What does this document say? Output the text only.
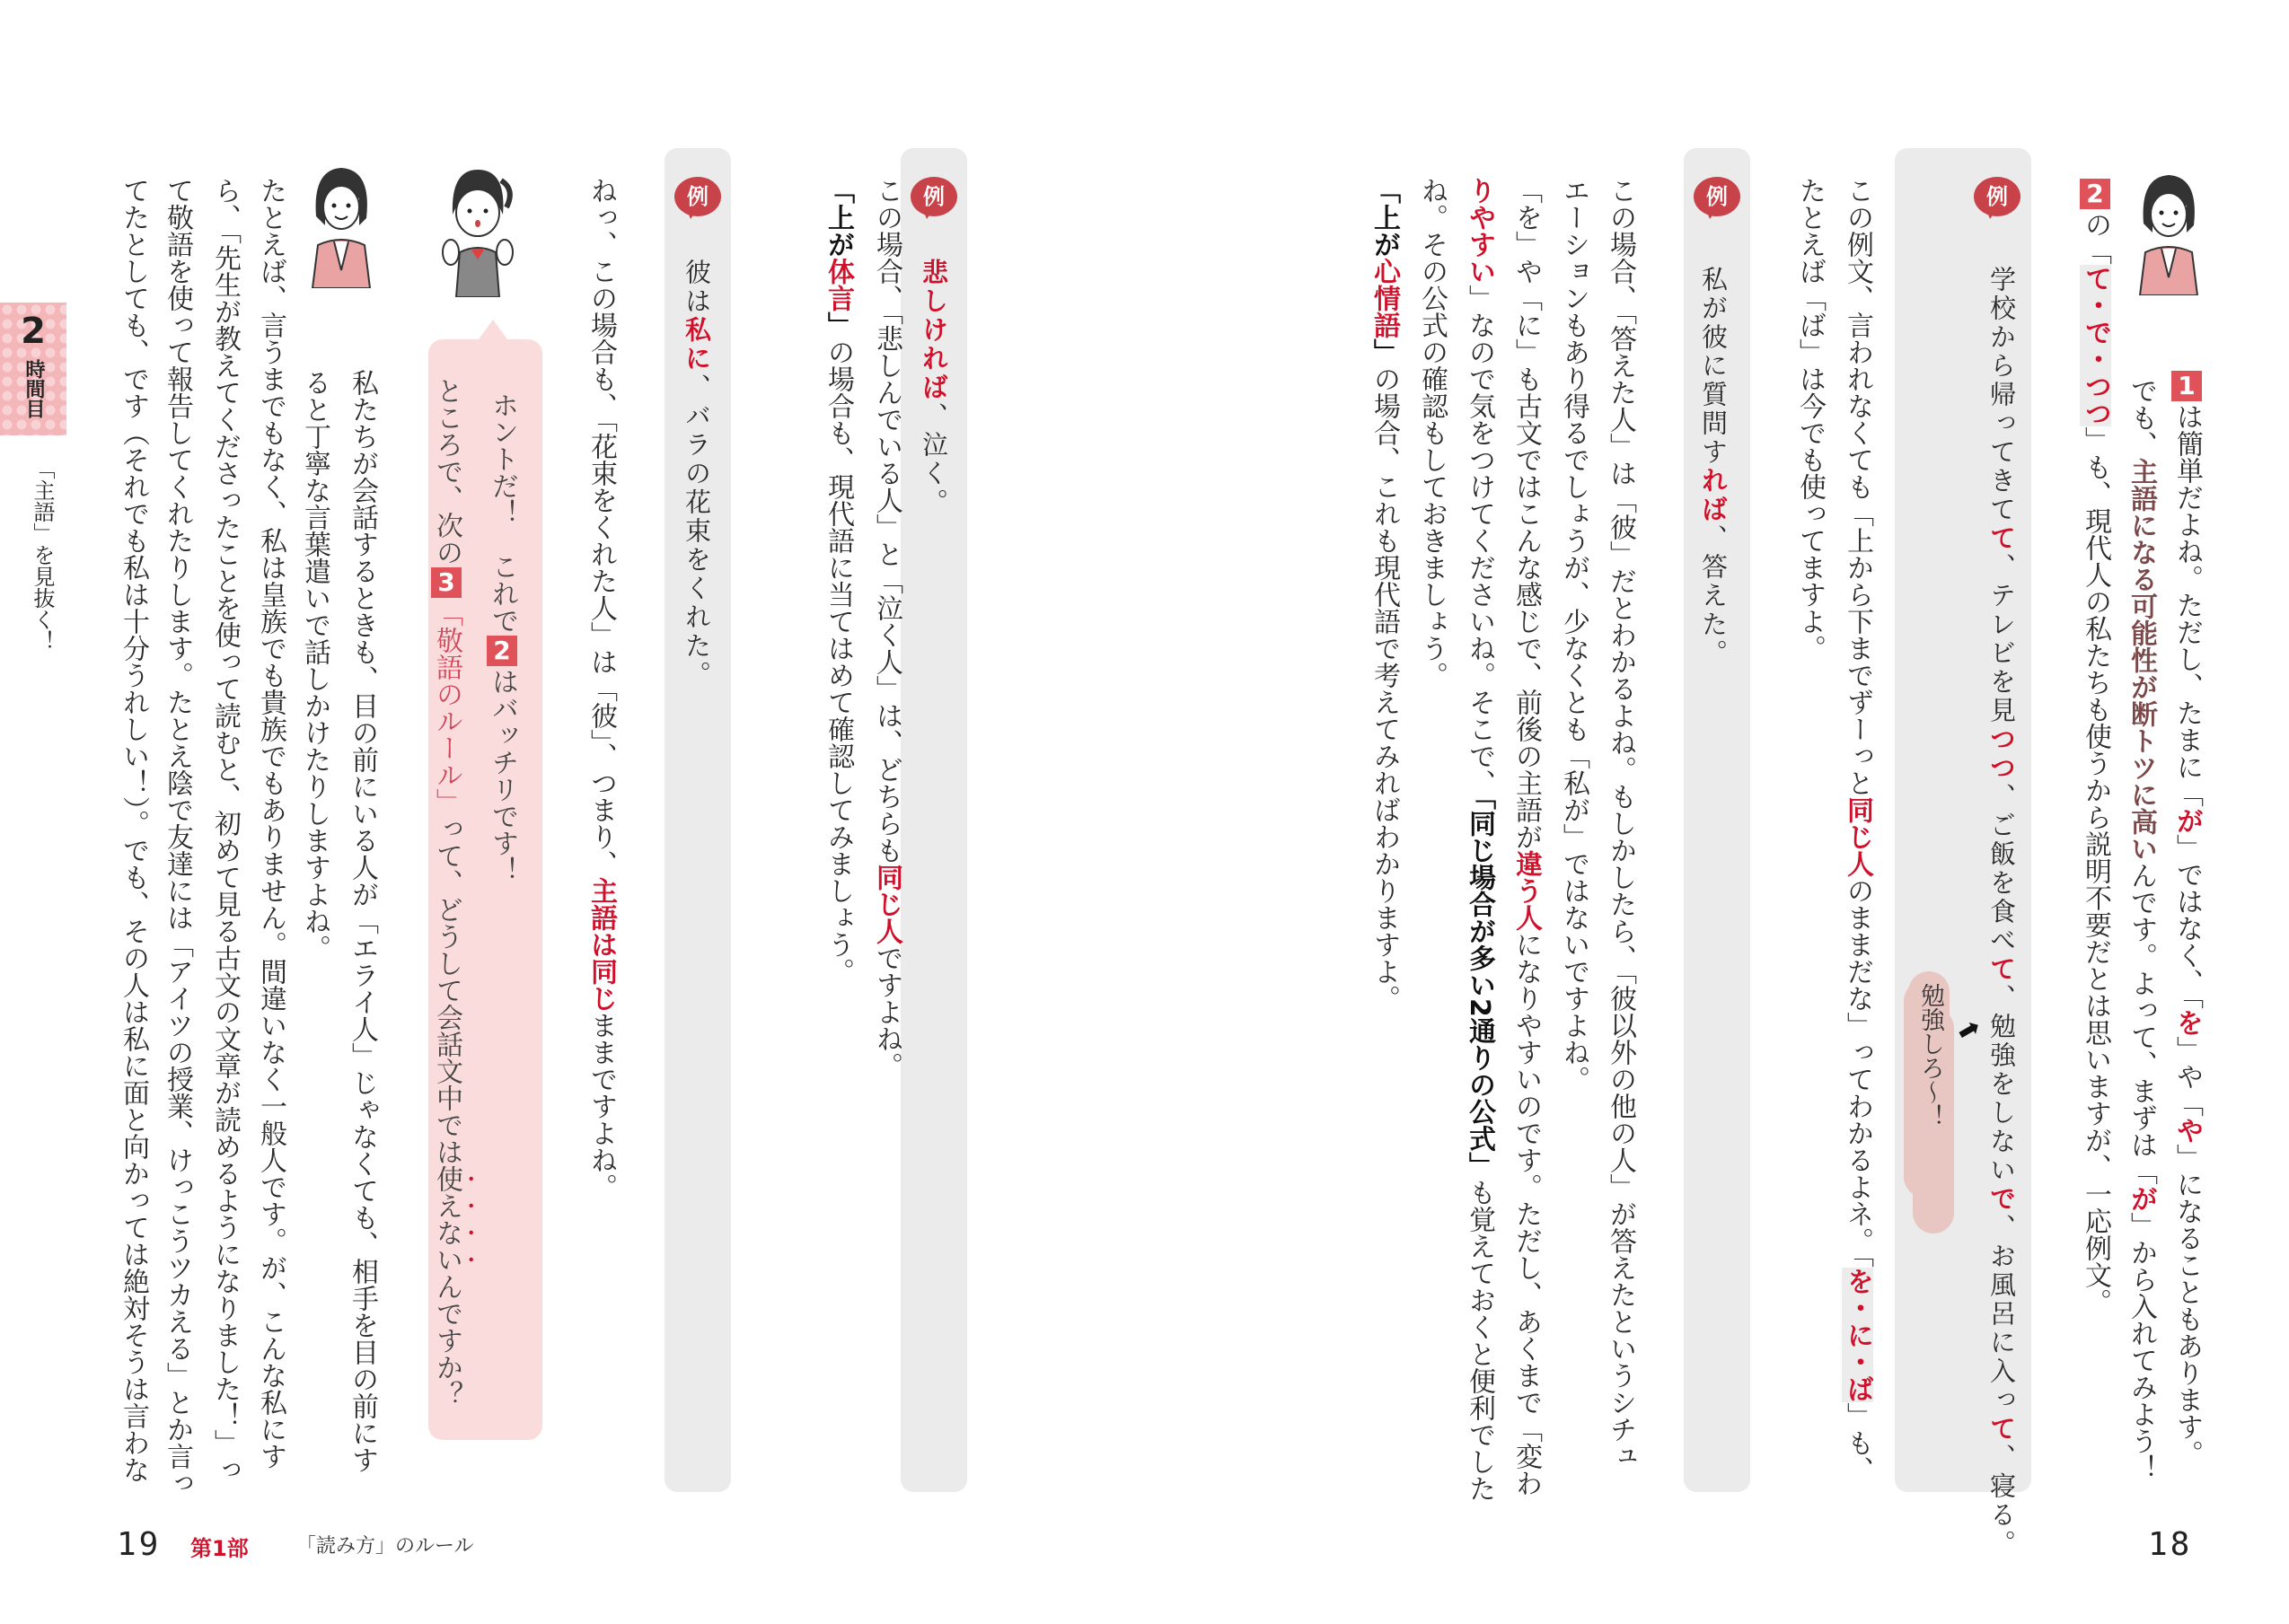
例
勉強しろ〜！ ➡
例
18
2
時間目
「主語」を見抜く！
例
例
19 第1部 「読み方」のルール
1は簡単だよね。ただし、たまに「が」ではなく、「を」や「や」になることもあります。
でも、主語になる可能性が断トツに高いんです。よって、まずは「が」から入れてみよう！
2の「て・で・つつ」も、現代人の私たちも使うから説明不要だとは思いますが、一応例文。
学校から帰ってきてて、テレビを見つつ、ご飯を食べて、勉強をしないで、お風呂に入って、寝る。
この例文、言われなくても「上から下までずーっと同じ人のままだな」ってわかるよネ。「を・に・ば」も、
たとえば「ば」は今でも使ってますよ。
私が彼に質問すれば、答えた。
この場合、「答えた人」は「彼」だとわかるよね。もしかしたら、「彼以外の他の人」が答えたというシチュ
エーションもあり得るでしょうが、少なくとも「私が」ではないですよね。
「を」や「に」も古文ではこんな感じで、前後の主語が違う人になりやすいのです。ただし、あくまで「変わ
りやすい」なので気をつけてくださいね。そこで、「同じ場合が多い2通りの公式」も覚えておくと便利でした
ね。その公式の確認もしておきましょう。
「上が心情語」の場合、これも現代語で考えてみればわかりますよ。
悲しければ、泣く。
この場合、「悲しんでいる人」と「泣く人」は、どちらも同じ人ですよね。
「上が体言」の場合も、現代語に当てはめて確認してみましょう。
彼は私に、バラの花束をくれた。
ねっ、この場合も、「花束をくれた人」は「彼」、つまり、主語は同じままですよね。
ホントだ！　これで2はバッチリです！
ところで、次の3「敬語のルール」って、どうして会話文中では使えないんですか？
私たちが会話するときも、目の前にいる人が「エライ人」じゃなくても、相手を目の前にす
ると丁寧な言葉遣いで話しかけたりしますよね。
たとえば、言うまでもなく、私は皇族でも貴族でもありません。間違いなく一般人です。が、こんな私にす
ら、「先生が教えてくださったことを使って読むと、初めて見る古文の文章が読めるようになりました！」っ
て敬語を使って報告してくれたりします。たとえ陰で友達には「アイツの授業、けっこうツカえる」とか言っ
てたとしても、です（それでも私は十分うれしい！）。でも、その人は私に面と向かっては絶対そうは言わな
